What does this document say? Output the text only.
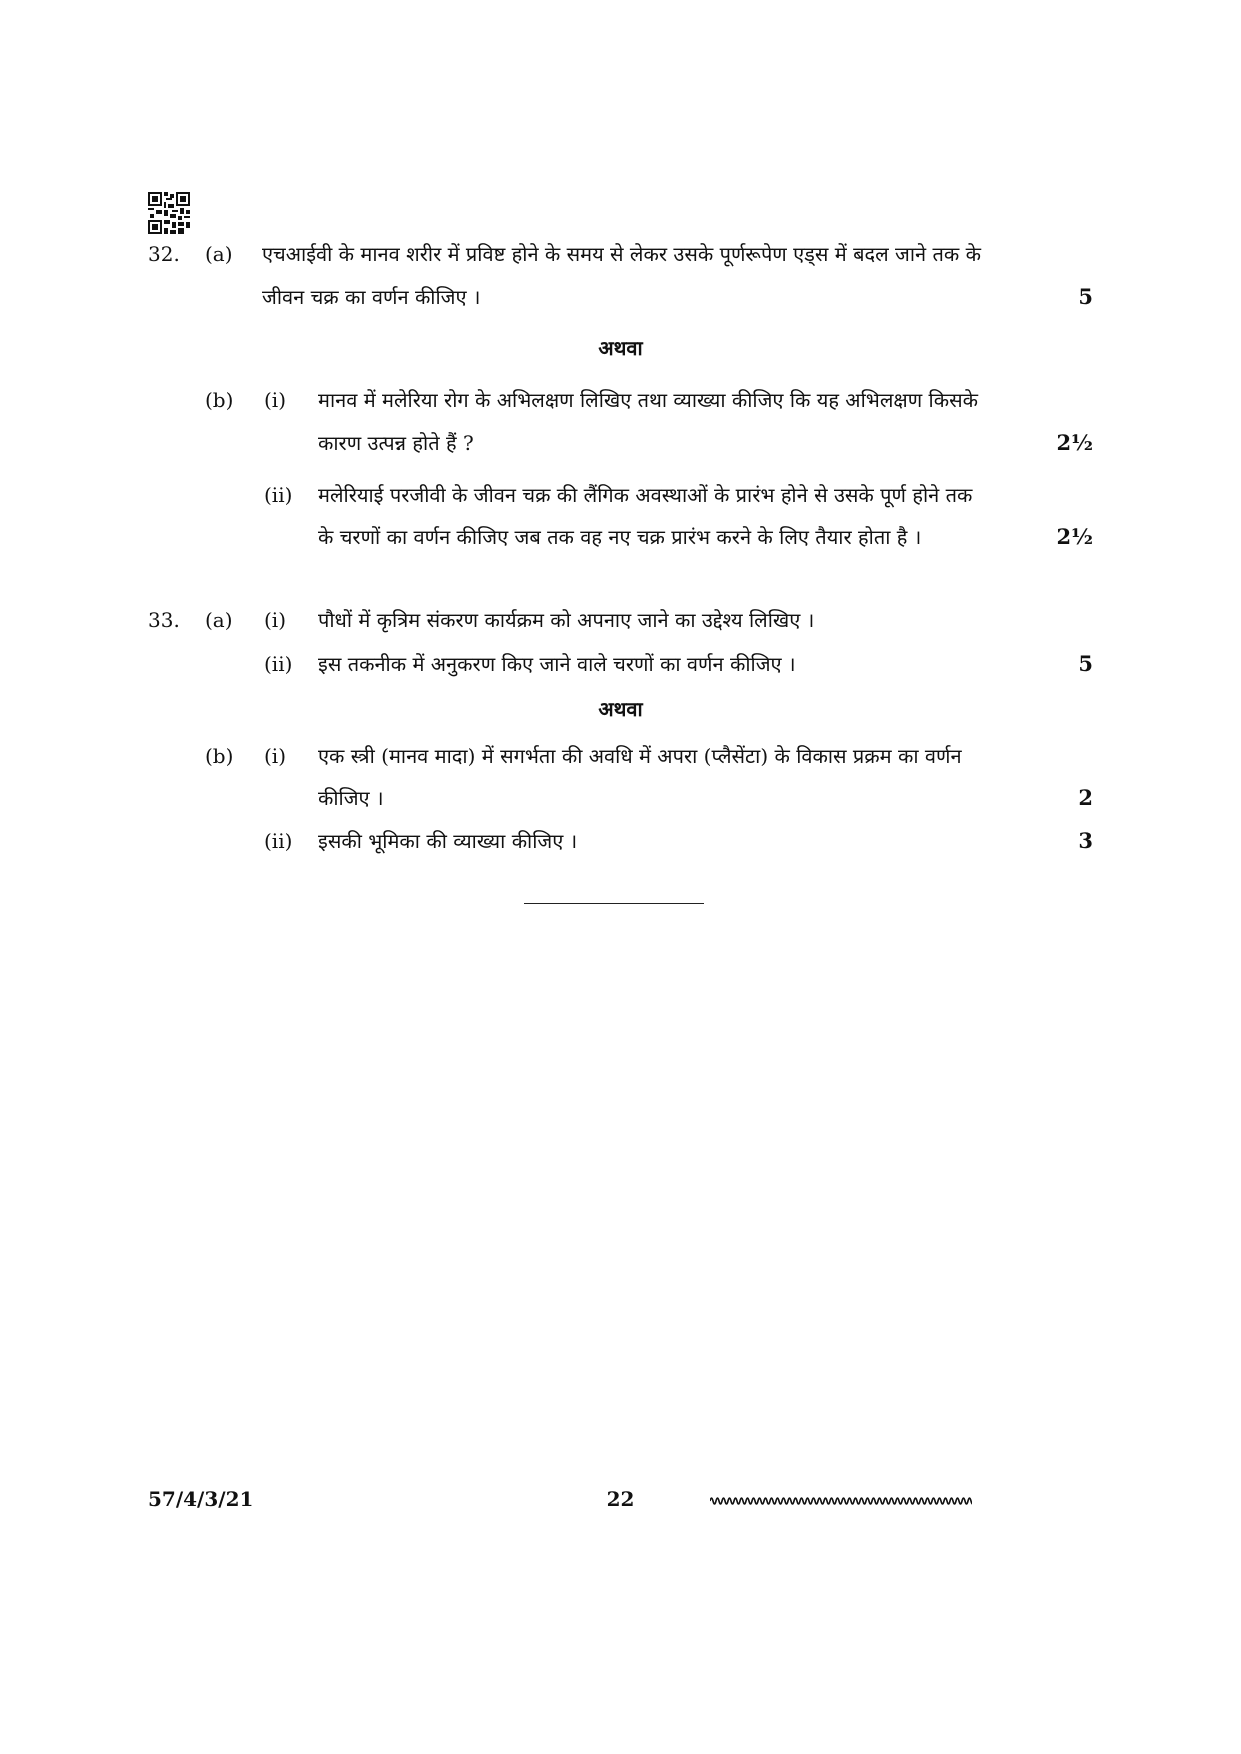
32. (a) एचआईवी के मानव शरीर में प्रविष्ट होने के समय से लेकर उसके पूर्णरूपेण एड्स में बदल जाने तक के
जीवन चक्र का वर्णन कीजिए ।	5
अथवा
(b) (i) मानव में मलेरिया रोग के अभिलक्षण लिखिए तथा व्याख्या कीजिए कि यह अभिलक्षण किसके
कारण उत्पन्न होते हैं ?	2½
(ii) मलेरियाई परजीवी के जीवन चक्र की लैंगिक अवस्थाओं के प्रारंभ होने से उसके पूर्ण होने तक
के चरणों का वर्णन कीजिए जब तक वह नए चक्र प्रारंभ करने के लिए तैयार होता है ।	2½
33. (a) (i) पौधों में कृत्रिम संकरण कार्यक्रम को अपनाए जाने का उद्देश्य लिखिए ।
(ii) इस तकनीक में अनुकरण किए जाने वाले चरणों का वर्णन कीजिए ।	5
अथवा
(b) (i) एक स्त्री (मानव मादा) में सगर्भता की अवधि में अपरा (प्लैसेंटा) के विकास प्रक्रम का वर्णन
कीजिए ।	2
(ii) इसकी भूमिका की व्याख्या कीजिए ।	3
57/4/3/21	22
